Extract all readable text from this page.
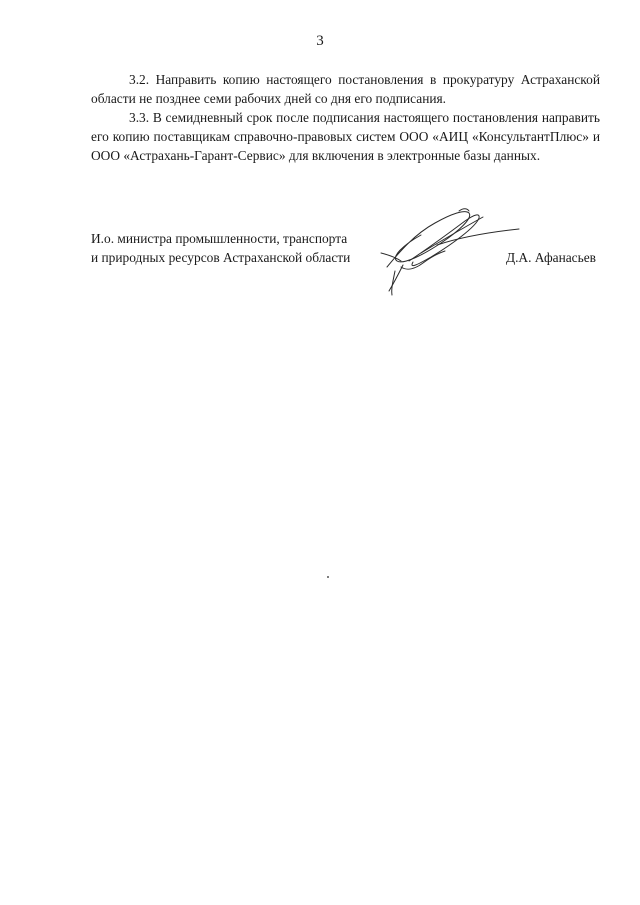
3

3.2. Направить копию настоящего постановления в прокуратуру Астраханской области не позднее семи рабочих дней со дня его подписания.

3.3. В семидневный срок после подписания настоящего постановления направить его копию поставщикам справочно-правовых систем ООО «АИЦ «КонсультантПлюс» и ООО «Астрахань-Гарант-Сервис» для включения в электронные базы данных.

И.о. министра промышленности, транспорта
и природных ресурсов Астраханской области	Д.А. Афанасьев
